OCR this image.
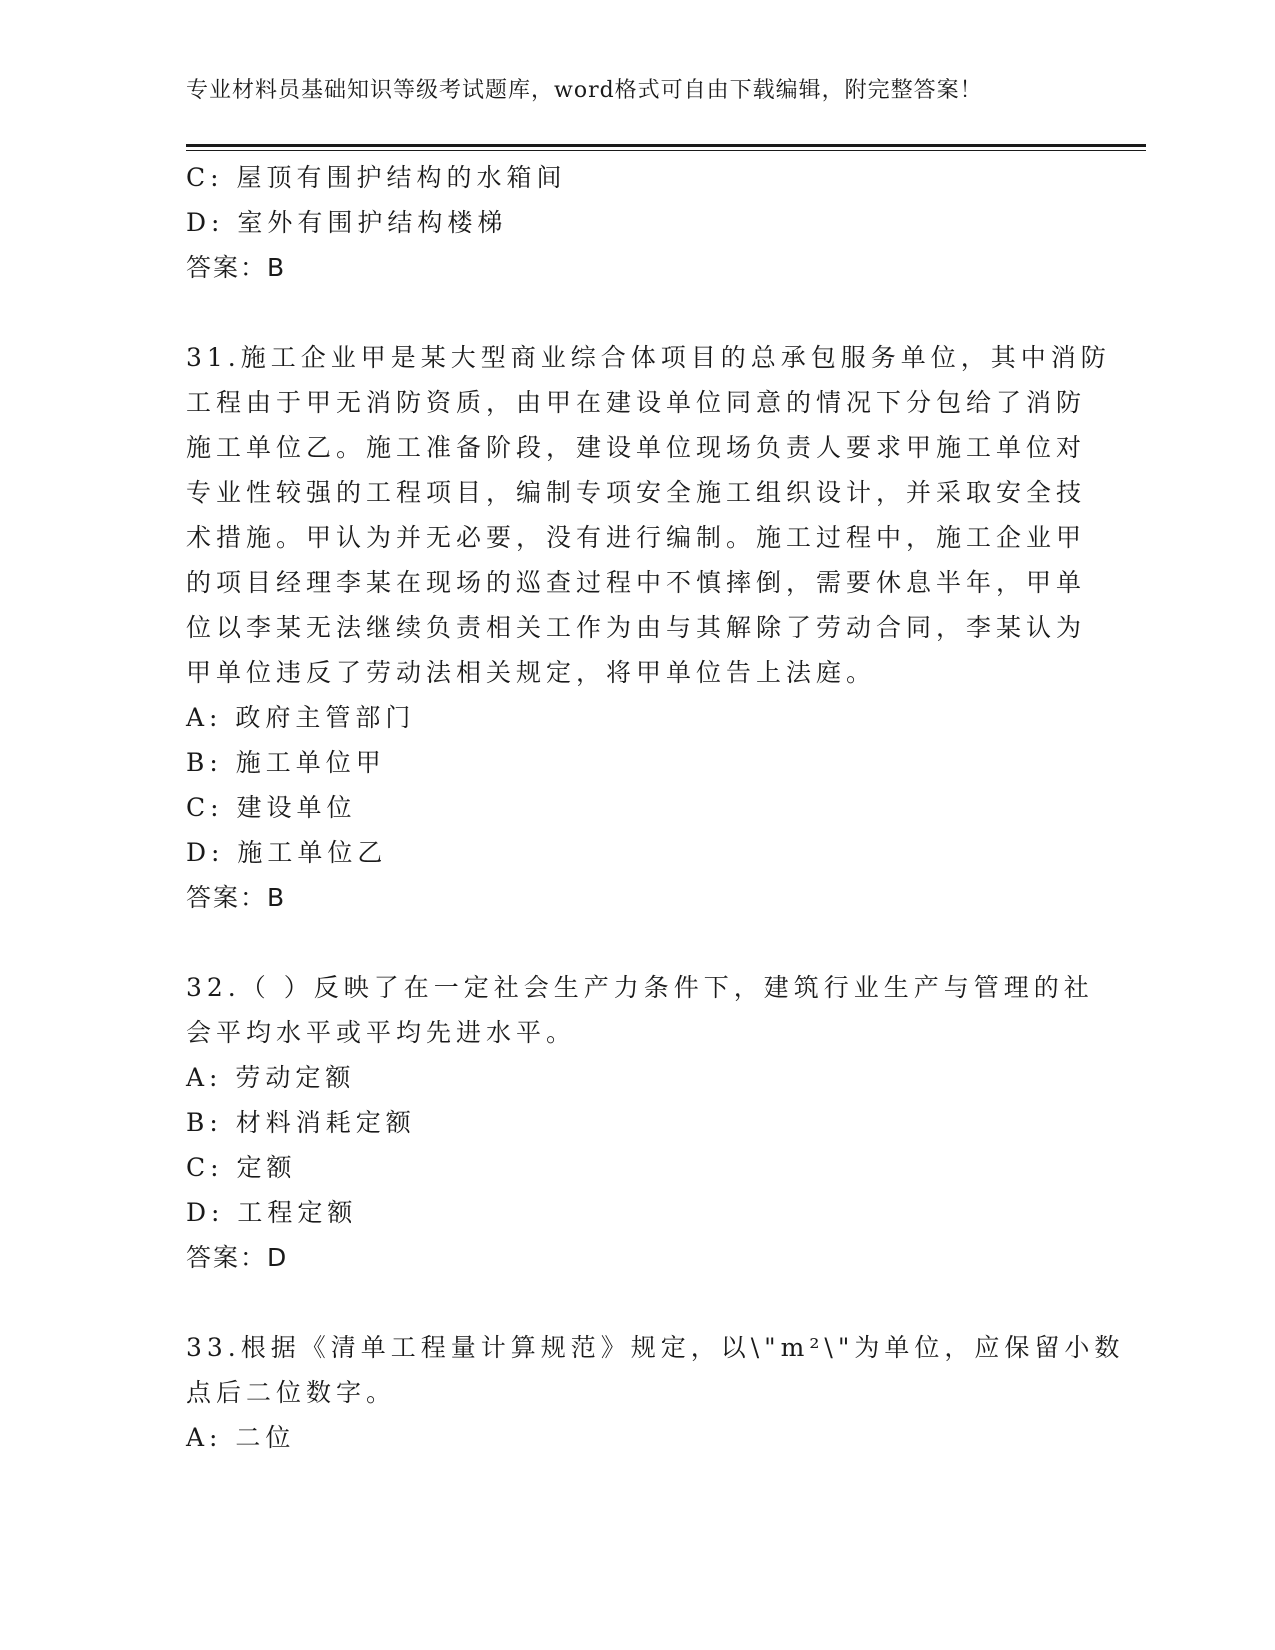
专业材料员基础知识等级考试题库，word格式可自由下载编辑，附完整答案！
C: 屋顶有围护结构的水箱间
D: 室外有围护结构楼梯
答案：B
31.施工企业甲是某大型商业综合体项目的总承包服务单位，其中消防
工程由于甲无消防资质，由甲在建设单位同意的情况下分包给了消防
施工单位乙。施工准备阶段，建设单位现场负责人要求甲施工单位对
专业性较强的工程项目，编制专项安全施工组织设计，并采取安全技
术措施。甲认为并无必要，没有进行编制。施工过程中，施工企业甲
的项目经理李某在现场的巡查过程中不慎摔倒，需要休息半年，甲单
位以李某无法继续负责相关工作为由与其解除了劳动合同，李某认为
甲单位违反了劳动法相关规定，将甲单位告上法庭。
A: 政府主管部门
B: 施工单位甲
C: 建设单位
D: 施工单位乙
答案：B
32.（ ）反映了在一定社会生产力条件下，建筑行业生产与管理的社
会平均水平或平均先进水平。
A: 劳动定额
B: 材料消耗定额
C: 定额
D: 工程定额
答案：D
33.根据《清单工程量计算规范》规定，以\"m²\"为单位，应保留小数
点后二位数字。
A: 二位
